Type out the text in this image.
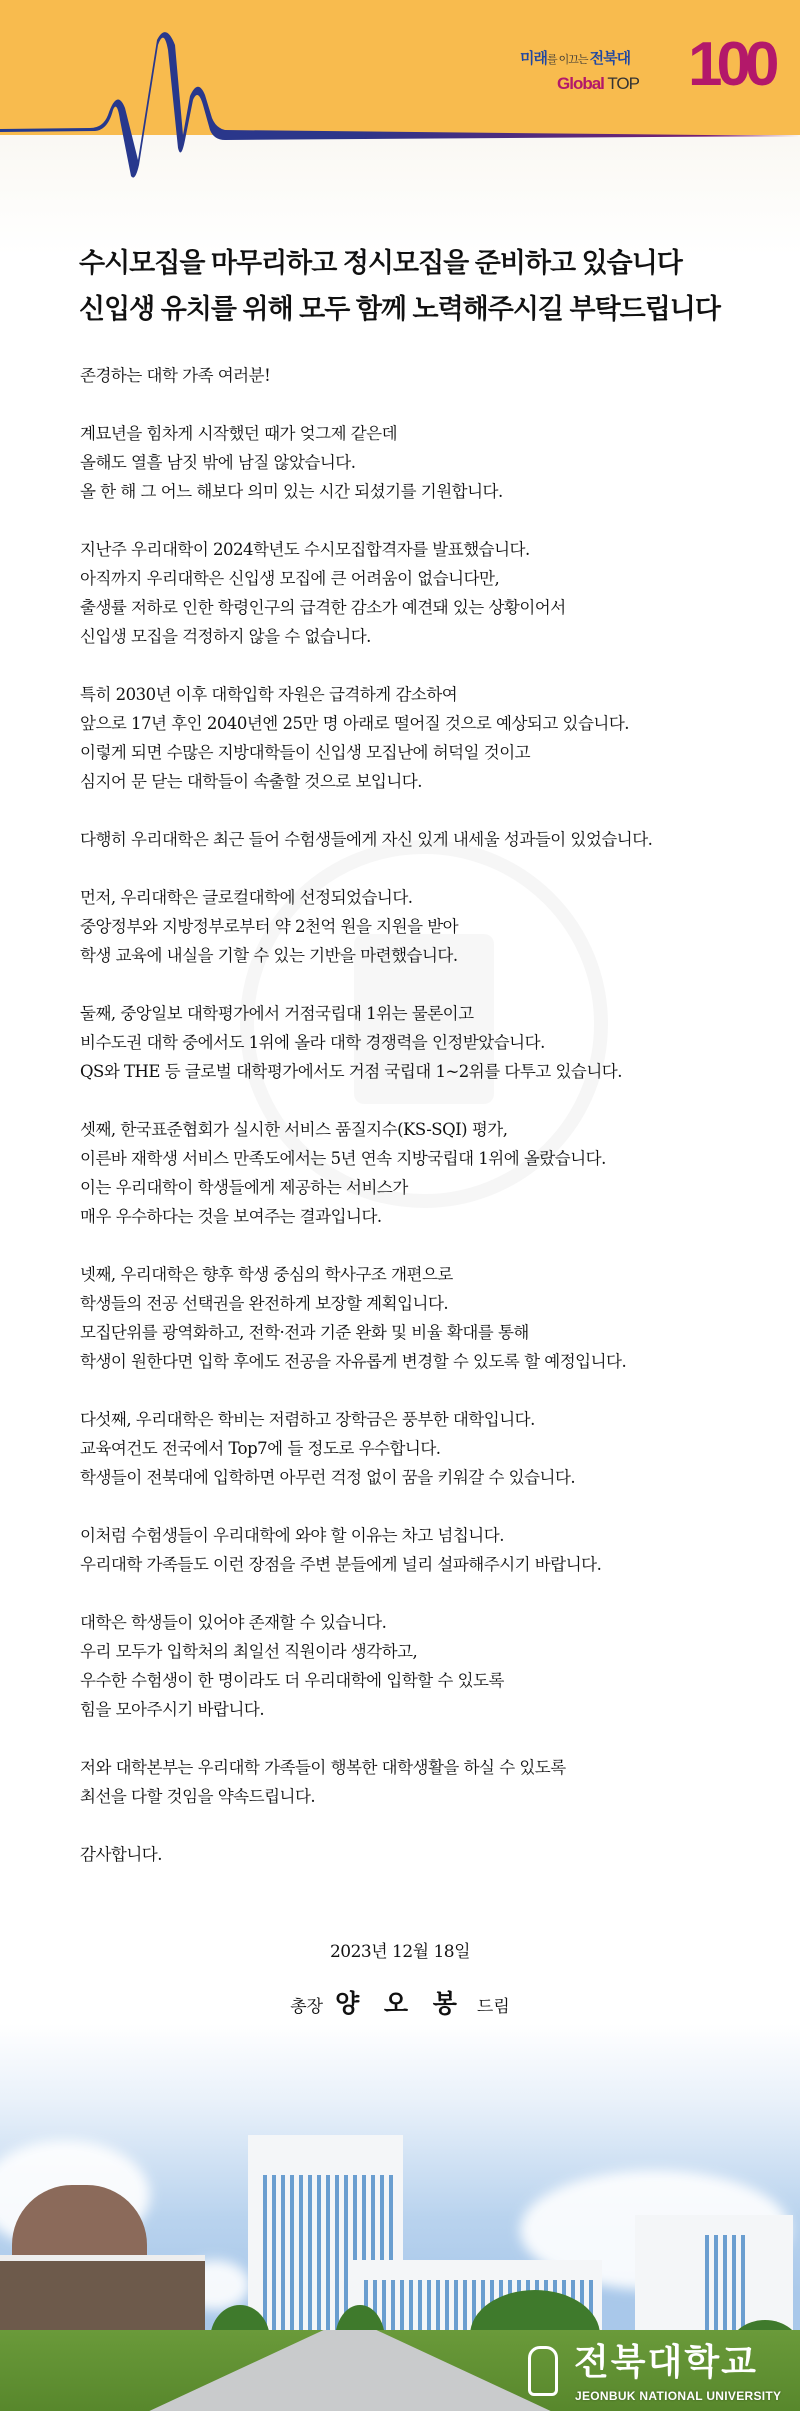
미래를 이끄는 전북대
Global TOP 100
수시모집을 마무리하고 정시모집을 준비하고 있습니다
신입생 유치를 위해 모두 함께 노력해주시길 부탁드립니다

존경하는 대학 가족 여러분!

계묘년을 힘차게 시작했던 때가 엊그제 같은데
올해도 열흘 남짓 밖에 남질 않았습니다.
올 한 해 그 어느 해보다 의미 있는 시간 되셨기를 기원합니다.

지난주 우리대학이 2024학년도 수시모집합격자를 발표했습니다.
아직까지 우리대학은 신입생 모집에 큰 어려움이 없습니다만,
출생률 저하로 인한 학령인구의 급격한 감소가 예견돼 있는 상황이어서
신입생 모집을 걱정하지 않을 수 없습니다.

특히 2030년 이후 대학입학 자원은 급격하게 감소하여
앞으로 17년 후인 2040년엔 25만 명 아래로 떨어질 것으로 예상되고 있습니다.
이렇게 되면 수많은 지방대학들이 신입생 모집난에 허덕일 것이고
심지어 문 닫는 대학들이 속출할 것으로 보입니다.

다행히 우리대학은 최근 들어 수험생들에게 자신 있게 내세울 성과들이 있었습니다.

먼저, 우리대학은 글로컬대학에 선정되었습니다.
중앙정부와 지방정부로부터 약 2천억 원을 지원을 받아
학생 교육에 내실을 기할 수 있는 기반을 마련했습니다.

둘째, 중앙일보 대학평가에서 거점국립대 1위는 물론이고
비수도권 대학 중에서도 1위에 올라 대학 경쟁력을 인정받았습니다.
QS와 THE 등 글로벌 대학평가에서도 거점 국립대 1~2위를 다투고 있습니다.

셋째, 한국표준협회가 실시한 서비스 품질지수(KS-SQI) 평가,
이른바 재학생 서비스 만족도에서는 5년 연속 지방국립대 1위에 올랐습니다.
이는 우리대학이 학생들에게 제공하는 서비스가
매우 우수하다는 것을 보여주는 결과입니다.

넷째, 우리대학은 향후 학생 중심의 학사구조 개편으로
학생들의 전공 선택권을 완전하게 보장할 계획입니다.
모집단위를 광역화하고, 전학·전과 기준 완화 및 비율 확대를 통해
학생이 원한다면 입학 후에도 전공을 자유롭게 변경할 수 있도록 할 예정입니다.

다섯째, 우리대학은 학비는 저렴하고 장학금은 풍부한 대학입니다.
교육여건도 전국에서 Top7에 들 정도로 우수합니다.
학생들이 전북대에 입학하면 아무런 걱정 없이 꿈을 키워갈 수 있습니다.

이처럼 수험생들이 우리대학에 와야 할 이유는 차고 넘칩니다.
우리대학 가족들도 이런 장점을 주변 분들에게 널리 설파해주시기 바랍니다.

대학은 학생들이 있어야 존재할 수 있습니다.
우리 모두가 입학처의 최일선 직원이라 생각하고,
우수한 수험생이 한 명이라도 더 우리대학에 입학할 수 있도록
힘을 모아주시기 바랍니다.

저와 대학본부는 우리대학 가족들이 행복한 대학생활을 하실 수 있도록
최선을 다할 것임을 약속드립니다.

감사합니다.

2023년 12월 18일
총장 양 오 봉 드림
전북대학교
JEONBUK NATIONAL UNIVERSITY
